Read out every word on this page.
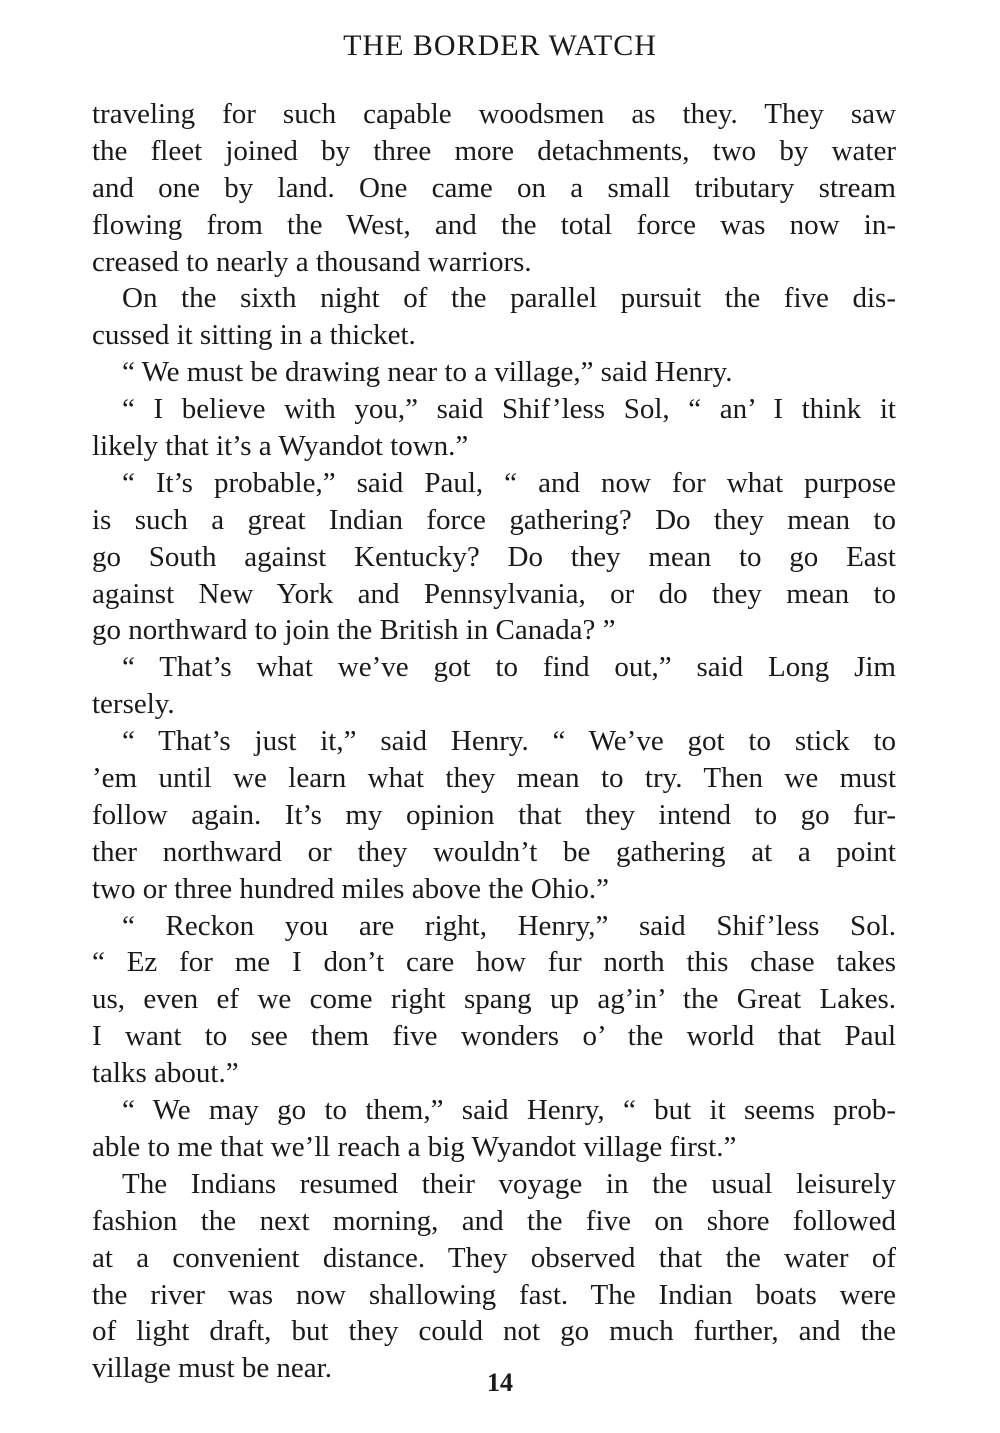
THE BORDER WATCH
traveling for such capable woodsmen as they. They saw
the fleet joined by three more detachments, two by water
and one by land. One came on a small tributary stream
flowing from the West, and the total force was now in-
creased to nearly a thousand warriors.
On the sixth night of the parallel pursuit the five dis-
cussed it sitting in a thicket.
“ We must be drawing near to a village,” said Henry.
“ I believe with you,” said Shif’less Sol, “ an’ I think it
likely that it’s a Wyandot town.”
“ It’s probable,” said Paul, “ and now for what purpose
is such a great Indian force gathering? Do they mean to
go South against Kentucky? Do they mean to go East
against New York and Pennsylvania, or do they mean to
go northward to join the British in Canada? ”
“ That’s what we’ve got to find out,” said Long Jim
tersely.
“ That’s just it,” said Henry. “ We’ve got to stick to
’em until we learn what they mean to try. Then we must
follow again. It’s my opinion that they intend to go fur-
ther northward or they wouldn’t be gathering at a point
two or three hundred miles above the Ohio.”
“ Reckon you are right, Henry,” said Shif’less Sol.
“ Ez for me I don’t care how fur north this chase takes
us, even ef we come right spang up ag’in’ the Great Lakes.
I want to see them five wonders o’ the world that Paul
talks about.”
“ We may go to them,” said Henry, “ but it seems prob-
able to me that we’ll reach a big Wyandot village first.”
The Indians resumed their voyage in the usual leisurely
fashion the next morning, and the five on shore followed
at a convenient distance. They observed that the water of
the river was now shallowing fast. The Indian boats were
of light draft, but they could not go much further, and the
village must be near.	14
